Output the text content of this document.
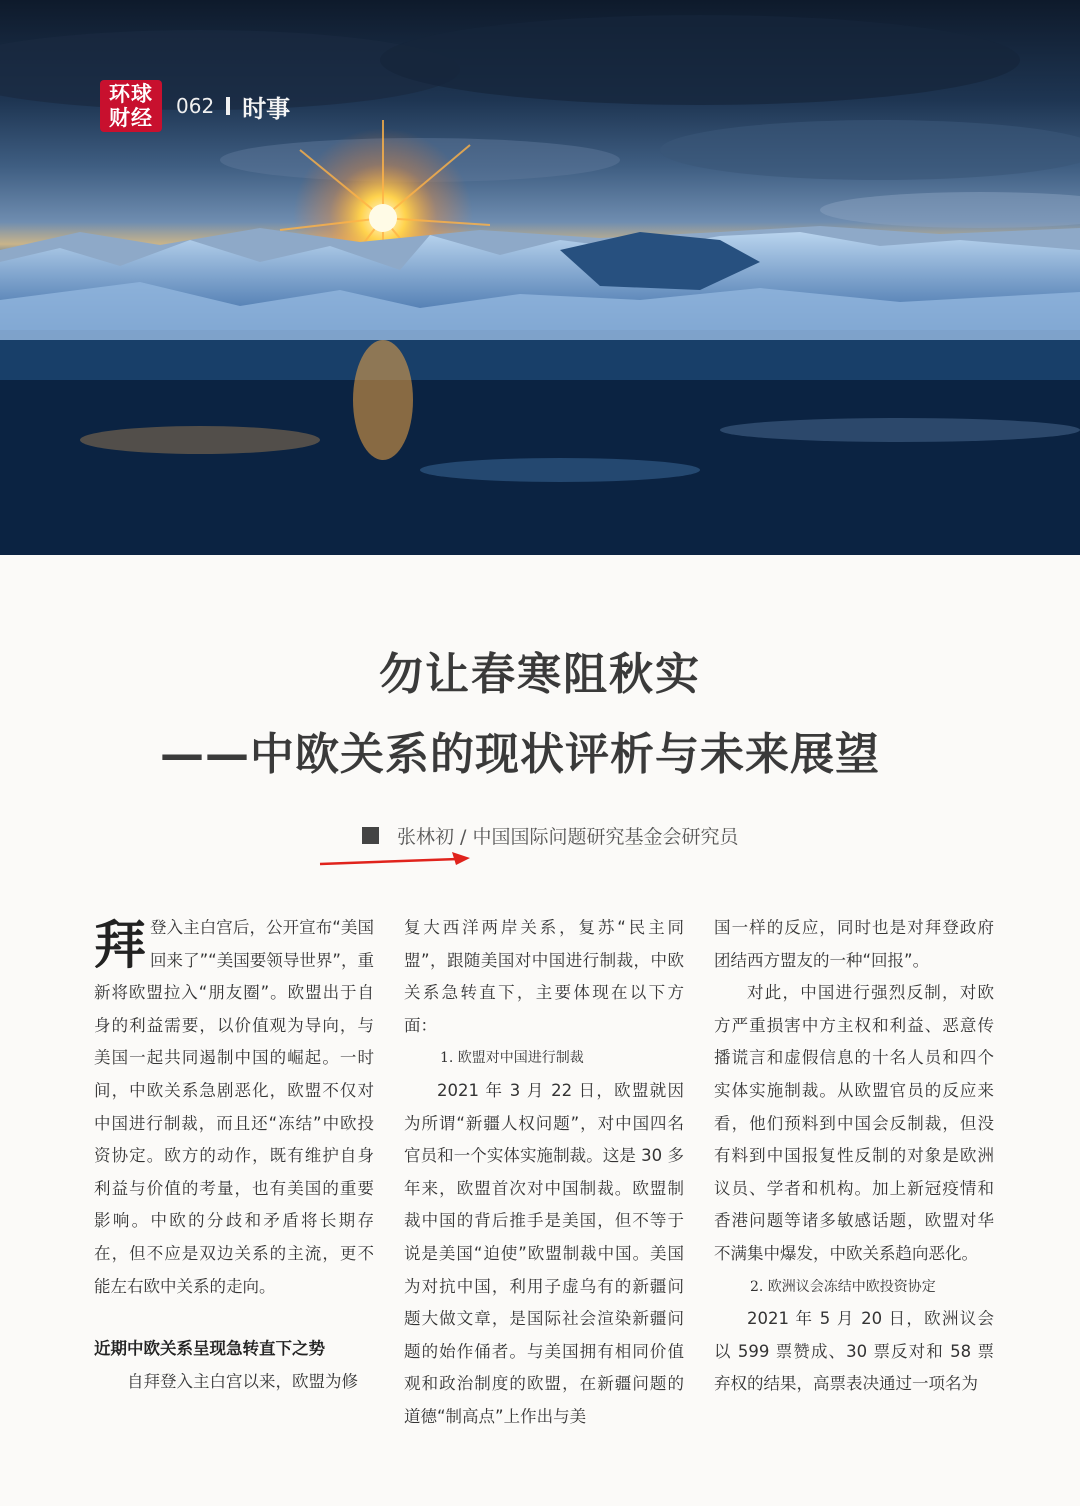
环球
财经	062 时事
勿让春寒阻秋实
——中欧关系的现状评析与未来展望
张林初 / 中国国际问题研究基金会研究员

拜登入主白宫后，公开宣布“美国回来了”“美国要领导世界”，重新将欧盟拉入“朋友圈”。欧盟出于自身的利益需要，以价值观为导向，与美国一起共同遏制中国的崛起。一时间，中欧关系急剧恶化，欧盟不仅对中国进行制裁，而且还“冻结”中欧投资协定。欧方的动作，既有维护自身利益与价值的考量，也有美国的重要影响。中欧的分歧和矛盾将长期存在，但不应是双边关系的主流，更不能左右欧中关系的走向。

近期中欧关系呈现急转直下之势

自拜登入主白宫以来，欧盟为修

复大西洋两岸关系，复苏“民主同盟”，跟随美国对中国进行制裁，中欧关系急转直下，主要体现在以下方面：

1. 欧盟对中国进行制裁

2021 年 3 月 22 日，欧盟就因为所谓“新疆人权问题”，对中国四名官员和一个实体实施制裁。这是 30 多年来，欧盟首次对中国制裁。欧盟制裁中国的背后推手是美国，但不等于说是美国“迫使”欧盟制裁中国。美国为对抗中国，利用子虚乌有的新疆问题大做文章，是国际社会渲染新疆问题的始作俑者。与美国拥有相同价值观和政治制度的欧盟，在新疆问题的道德“制高点”上作出与美

国一样的反应，同时也是对拜登政府团结西方盟友的一种“回报”。

对此，中国进行强烈反制，对欧方严重损害中方主权和利益、恶意传播谎言和虚假信息的十名人员和四个实体实施制裁。从欧盟官员的反应来看，他们预料到中国会反制裁，但没有料到中国报复性反制的对象是欧洲议员、学者和机构。加上新冠疫情和香港问题等诸多敏感话题，欧盟对华不满集中爆发，中欧关系趋向恶化。

2. 欧洲议会冻结中欧投资协定

2021 年 5 月 20 日，欧洲议会以 599 票赞成、30 票反对和 58 票弃权的结果，高票表决通过一项名为
